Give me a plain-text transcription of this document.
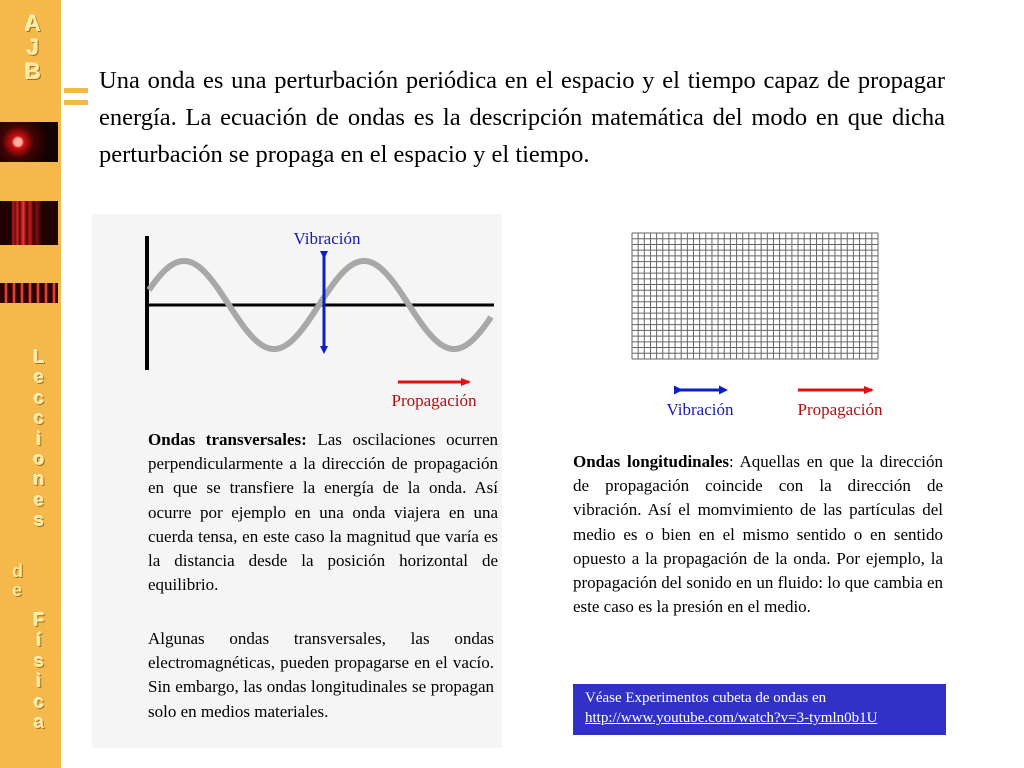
A
J
B
L
e
c
c
i
o
n
e
s
d
e
F
í
s
i
c
a

Una onda es una perturbación periódica en el espacio y el tiempo capaz de propagar energía. La ecuación de ondas es la descripción matemática del modo en que dicha perturbación se propaga en el espacio y el tiempo.

Vibración
Propagación	Vibración	Propagación

Ondas transversales: Las oscilaciones ocurren perpendicularmente a la dirección de propagación en que se transfiere la energía de la onda. Así ocurre por ejemplo en una onda viajera en una cuerda tensa, en este caso la magnitud que varía es la distancia desde la posición horizontal de equilibrio.

Algunas ondas transversales, las ondas electromagnéticas, pueden propagarse en el vacío. Sin embargo, las ondas longitudinales se propagan solo en medios materiales.

Ondas longitudinales: Aquellas en que la dirección de propagación coincide con la dirección de vibración. Así el momvimiento de las partículas del medio es o bien en el mismo sentido o en sentido opuesto a la propagación de la onda. Por ejemplo, la propagación del sonido en un fluido: lo que cambia en este caso es la presión en el medio.

Véase Experimentos cubeta de ondas en
http://www.youtube.com/watch?v=3-tymln0b1U
